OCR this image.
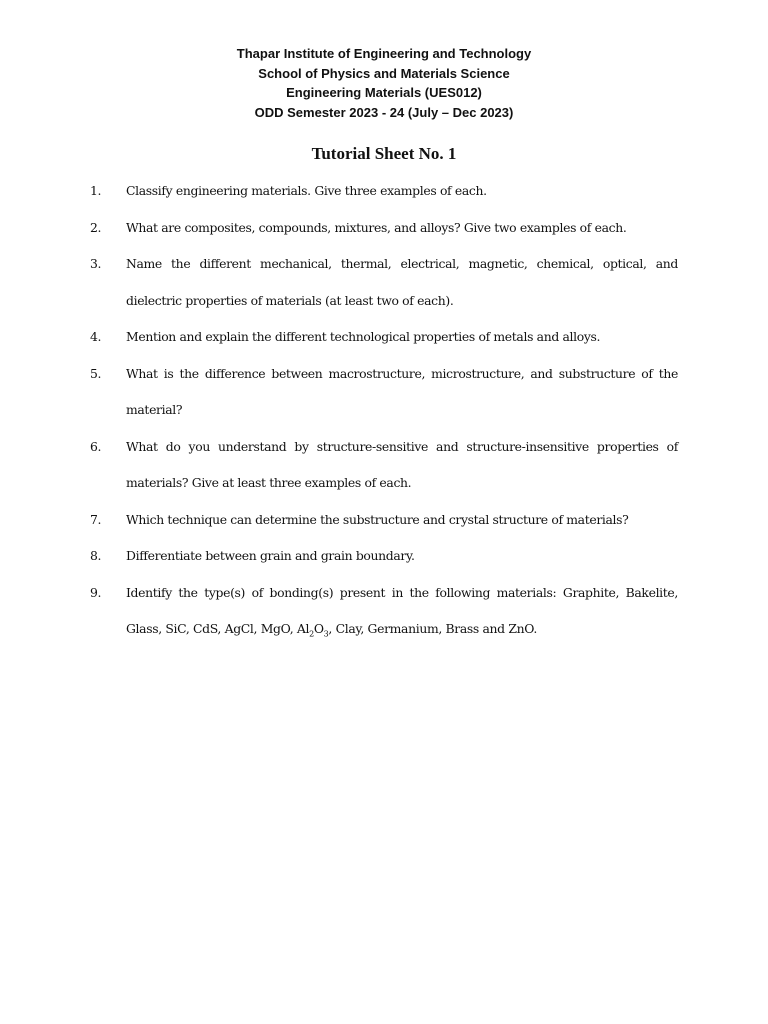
Thapar Institute of Engineering and Technology
School of Physics and Materials Science
Engineering Materials (UES012)
ODD Semester 2023 - 24 (July – Dec 2023)
Tutorial Sheet No. 1
1.	Classify engineering materials. Give three examples of each.
2.	What are composites, compounds, mixtures, and alloys? Give two examples of each.
3.	Name the different mechanical, thermal, electrical, magnetic, chemical, optical, and dielectric properties of materials (at least two of each).
4.	Mention and explain the different technological properties of metals and alloys.
5.	What is the difference between macrostructure, microstructure, and substructure of the material?
6.	What do you understand by structure-sensitive and structure-insensitive properties of materials? Give at least three examples of each.
7.	Which technique can determine the substructure and crystal structure of materials?
8.	Differentiate between grain and grain boundary.
9.	Identify the type(s) of bonding(s) present in the following materials: Graphite, Bakelite, Glass, SiC, CdS, AgCl, MgO, $Al_2O_3$, Clay, Germanium, Brass and ZnO.
